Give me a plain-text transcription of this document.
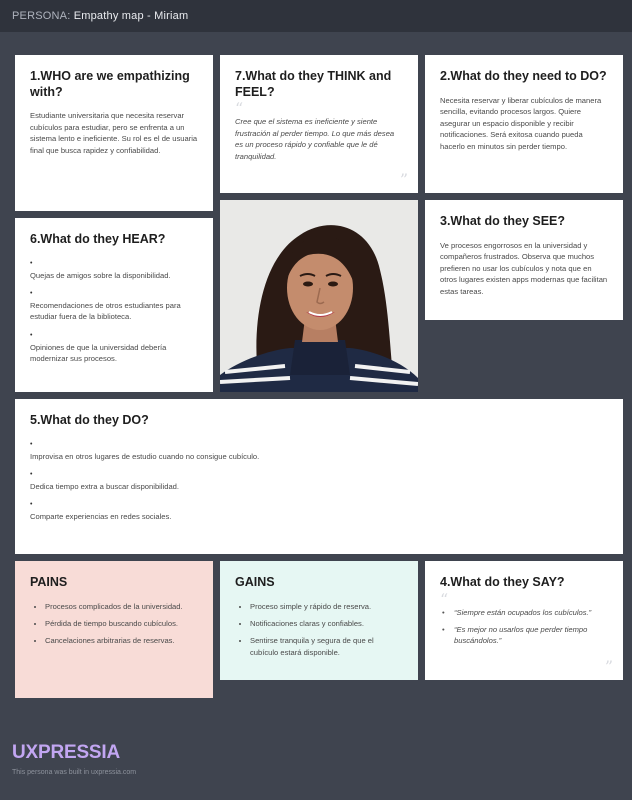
PERSONA: Empathy map - Miriam
1.WHO are we empathizing with?

Estudiante universitaria que necesita reservar cubículos para estudiar, pero se enfrenta a un sistema lento e ineficiente. Su rol es el de usuaria final que busca rapidez y confiabilidad.

7.What do they THINK and FEEL?
“

Cree que el sistema es ineficiente y siente frustración al perder tiempo. Lo que más desea es un proceso rápido y confiable que le dé tranquilidad.

”
2.What do they need to DO?

Necesita reservar y liberar cubículos de manera sencilla, evitando procesos largos. Quiere asegurar un espacio disponible y recibir notificaciones. Será exitosa cuando pueda hacerlo en minutos sin perder tiempo.

6.What do they HEAR?
•
Quejas de amigos sobre la disponibilidad.
•
Recomendaciones de otros estudiantes para estudiar fuera de la biblioteca.
•
Opiniones de que la universidad debería modernizar sus procesos.
3.What do they SEE?

Ve procesos engorrosos en la universidad y compañeros frustrados. Observa que muchos prefieren no usar los cubículos y nota que en otros lugares existen apps modernas que facilitan estas tareas.

5.What do they DO?
•
Improvisa en otros lugares de estudio cuando no consigue cubículo.
•
Dedica tiempo extra a buscar disponibilidad.
•
Comparte experiencias en redes sociales.
PAINS
• Procesos complicados de la universidad.
• Pérdida de tiempo buscando cubículos.
• Cancelaciones arbitrarias de reservas.
GAINS
• Proceso simple y rápido de reserva.
• Notificaciones claras y confiables.
• Sentirse tranquila y segura de que el cubículo estará disponible.
4.What do they SAY?
“
• “Siempre están ocupados los cubículos.”
• “Es mejor no usarlos que perder tiempo buscándolos.”
”
UXPRESSIA
This persona was built in uxpressia.com
